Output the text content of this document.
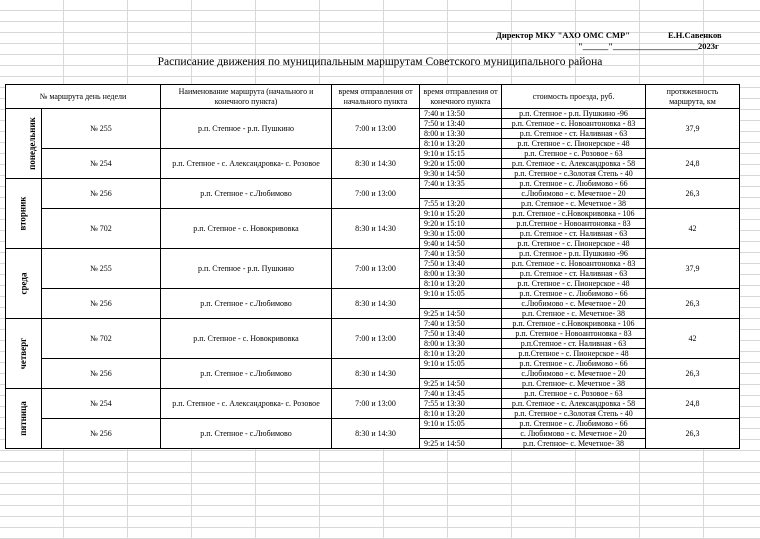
Директор МКУ "АХО ОМС СМР"	Е.Н.Савенков
"______"____________________2023г
Расписание движения по муниципальным маршрутам Советского муниципального района
№ маршрута день недели		Наименование маршрута (начального и конечного пункта)	время отправления от начального пункта	время отправления от конечного пункта	стоимость проезда, руб.	протяженность маршрута, км
понедельник	№ 255	р.п. Степное - р.п. Пушкино	7:00 и 13:00	7:40 и 13:50	р.п. Степное - р.п. Пушкино -96	37,9
				7:50 и 13:40	р.п. Степное - с. Новоантоновка - 83	
				8:00 и 13:30	р.п. Степное - ст. Наливная - 63	
				8:10 и 13:20	р.п. Степное - с. Пионерское - 48	
	№ 254	р.п. Степное - с. Александровка- с. Розовое	8:30 и 14:30	9:10 и 15:15	р.п. Степное - с. Розовое - 63	24,8
				9:20 и 15:00	р.п. Степное - с. Александровка - 58	
				9:30 и 14:50	р.п. Степное - с.Золотая Степь - 40	
вторник	№ 256	р.п. Степное - с.Любимово	7:00 и 13:00	7:40 и 13:35	р.п. Степное - с. Любимово - 66	26,3
					с.Любимово - с. Мечетное - 20	
				7:55 и 13:20	р.п. Степное - с. Мечетное - 38	
	№ 702	р.п. Степное - с. Новокривовка	8:30 и 14:30	9:10 и 15:20	р.п. Степное - с.Новокривовка - 106	42
				9:20 и 15:10	р.п.Степное - Новоантоновка - 83	
				9:30 и 15:00	р.п. Степное - ст. Наливная - 63	
				9:40 и 14:50	р.п. Степное - с. Пионерское - 48	
среда	№ 255	р.п. Степное - р.п. Пушкино	7:00 и 13:00	7:40 и 13:50	р.п. Степное - р.п. Пушкино -96	37,9
				7:50 и 13:40	р.п. Степное - с. Новоантоновка - 83	
				8:00 и 13:30	р.п. Степное - ст. Наливная - 63	
				8:10 и 13:20	р.п. Степное - с. Пионерское - 48	
	№ 256	р.п. Степное - с.Любимово	8:30 и 14:30	9:10 и 15:05	р.п. Степное - с. Любимово - 66	26,3
					с.Любимово - с. Мечетное - 20	
				9:25 и 14:50	р.п. Степное - с. Мечетное- 38	
четверг	№ 702	р.п. Степное - с. Новокривовка	7:00 и 13:00	7:40 и 13:50	р.п. Степное - с.Новокривовка - 106	42
				7:50 и 13:40	р.п. Степное - Новоантоновка - 83	
				8:00 и 13:30	р.п.Степное - ст. Наливная - 63	
				8:10 и 13:20	р.п.Степное - с. Пионерское - 48	
	№ 256	р.п. Степное - с.Любимово	8:30 и 14:30	9:10 и 15:05	р.п. Степное - с. Любимово - 66	26,3
					с.Любимово - с. Мечетное - 20	
				9:25 и 14:50	р.п. Степное- с. Мечетное - 38	
пятница	№ 254	р.п. Степное - с. Александровка- с. Розовое	7:00 и 13:00	7:40 и 13:45	р.п. Степное - с. Розовое - 63	24,8
				7:55 и 13:30	р.п. Степное - с. Александровка - 58	
				8:10 и 13:20	р.п. Степное - с.Золотая Степь - 40	
	№ 256	р.п. Степное - с.Любимово	8:30 и 14:30	9:10 и 15:05	р.п. Степное - с. Любимово - 66	26,3
					с. Любимово - с. Мечетное - 20	
				9:25 и 14:50	р.п. Степное- с. Мечетное- 38	
